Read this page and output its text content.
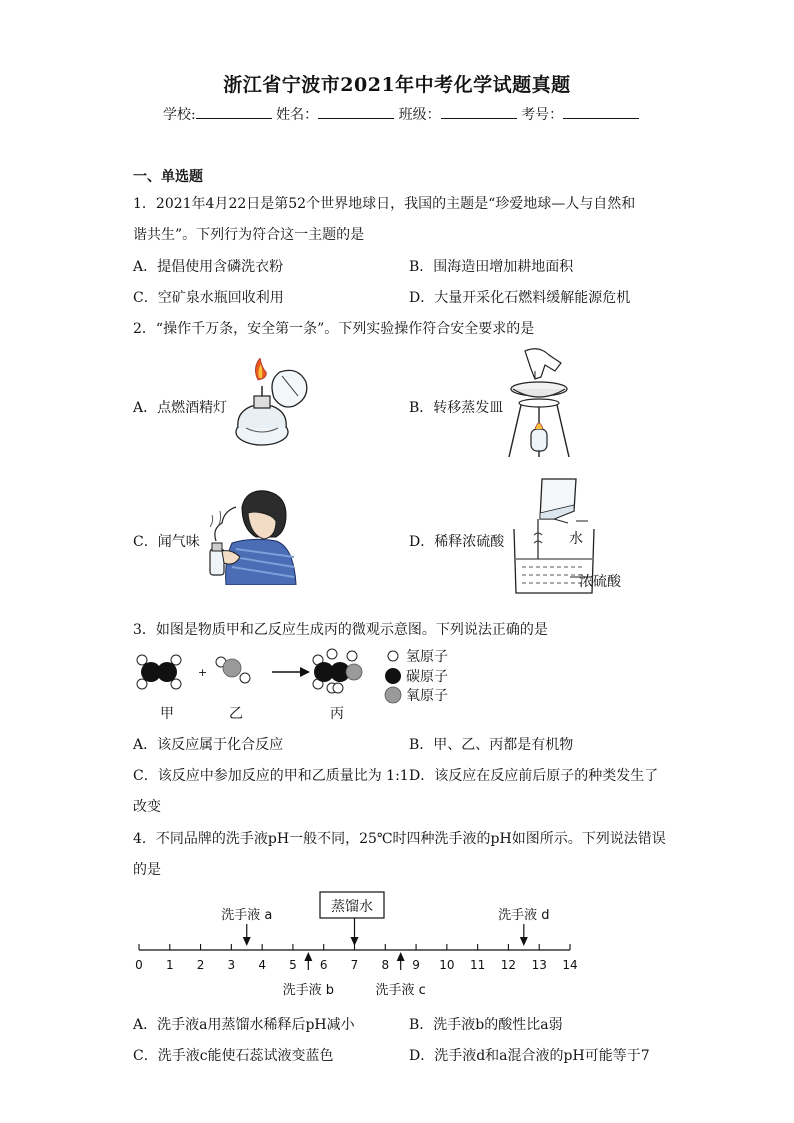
浙江省宁波市2021年中考化学试题真题
学校:	姓名：	班级：	考号：
一、单选题
1．2021年4月22日是第52个世界地球日，我国的主题是“珍爱地球—人与自然和
谐共生”。下列行为符合这一主题的是
A．提倡使用含磷洗衣粉	B．围海造田增加耕地面积
C．空矿泉水瓶回收利用	D．大量开采化石燃料缓解能源危机
2．“操作千万条，安全第一条”。下列实验操作符合安全要求的是
A．点燃酒精灯	B．转移蒸发皿
C．闻气味	D．稀释浓硫酸	水
浓硫酸
3．如图是物质甲和乙反应生成丙的微观示意图。下列说法正确的是
+
氢原子
碳原子
氧原子
甲	乙	丙
A．该反应属于化合反应	B．甲、乙、丙都是有机物
C．该反应中参加反应的甲和乙质量比为 1:1 D．该反应在反应前后原子的种类发生了
改变
4．不同品牌的洗手液pH一般不同，25℃时四种洗手液的pH如图所示。下列说法错误
的是
蒸馏水
0 1 2 3 4 5 6 7 8 9 10 11 12 13 14
洗手液 a	洗手液 d
洗手液 b	洗手液 c
A．洗手液a用蒸馏水稀释后pH减小	B．洗手液b的酸性比a弱
C．洗手液c能使石蕊试液变蓝色	D．洗手液d和a混合液的pH可能等于7
